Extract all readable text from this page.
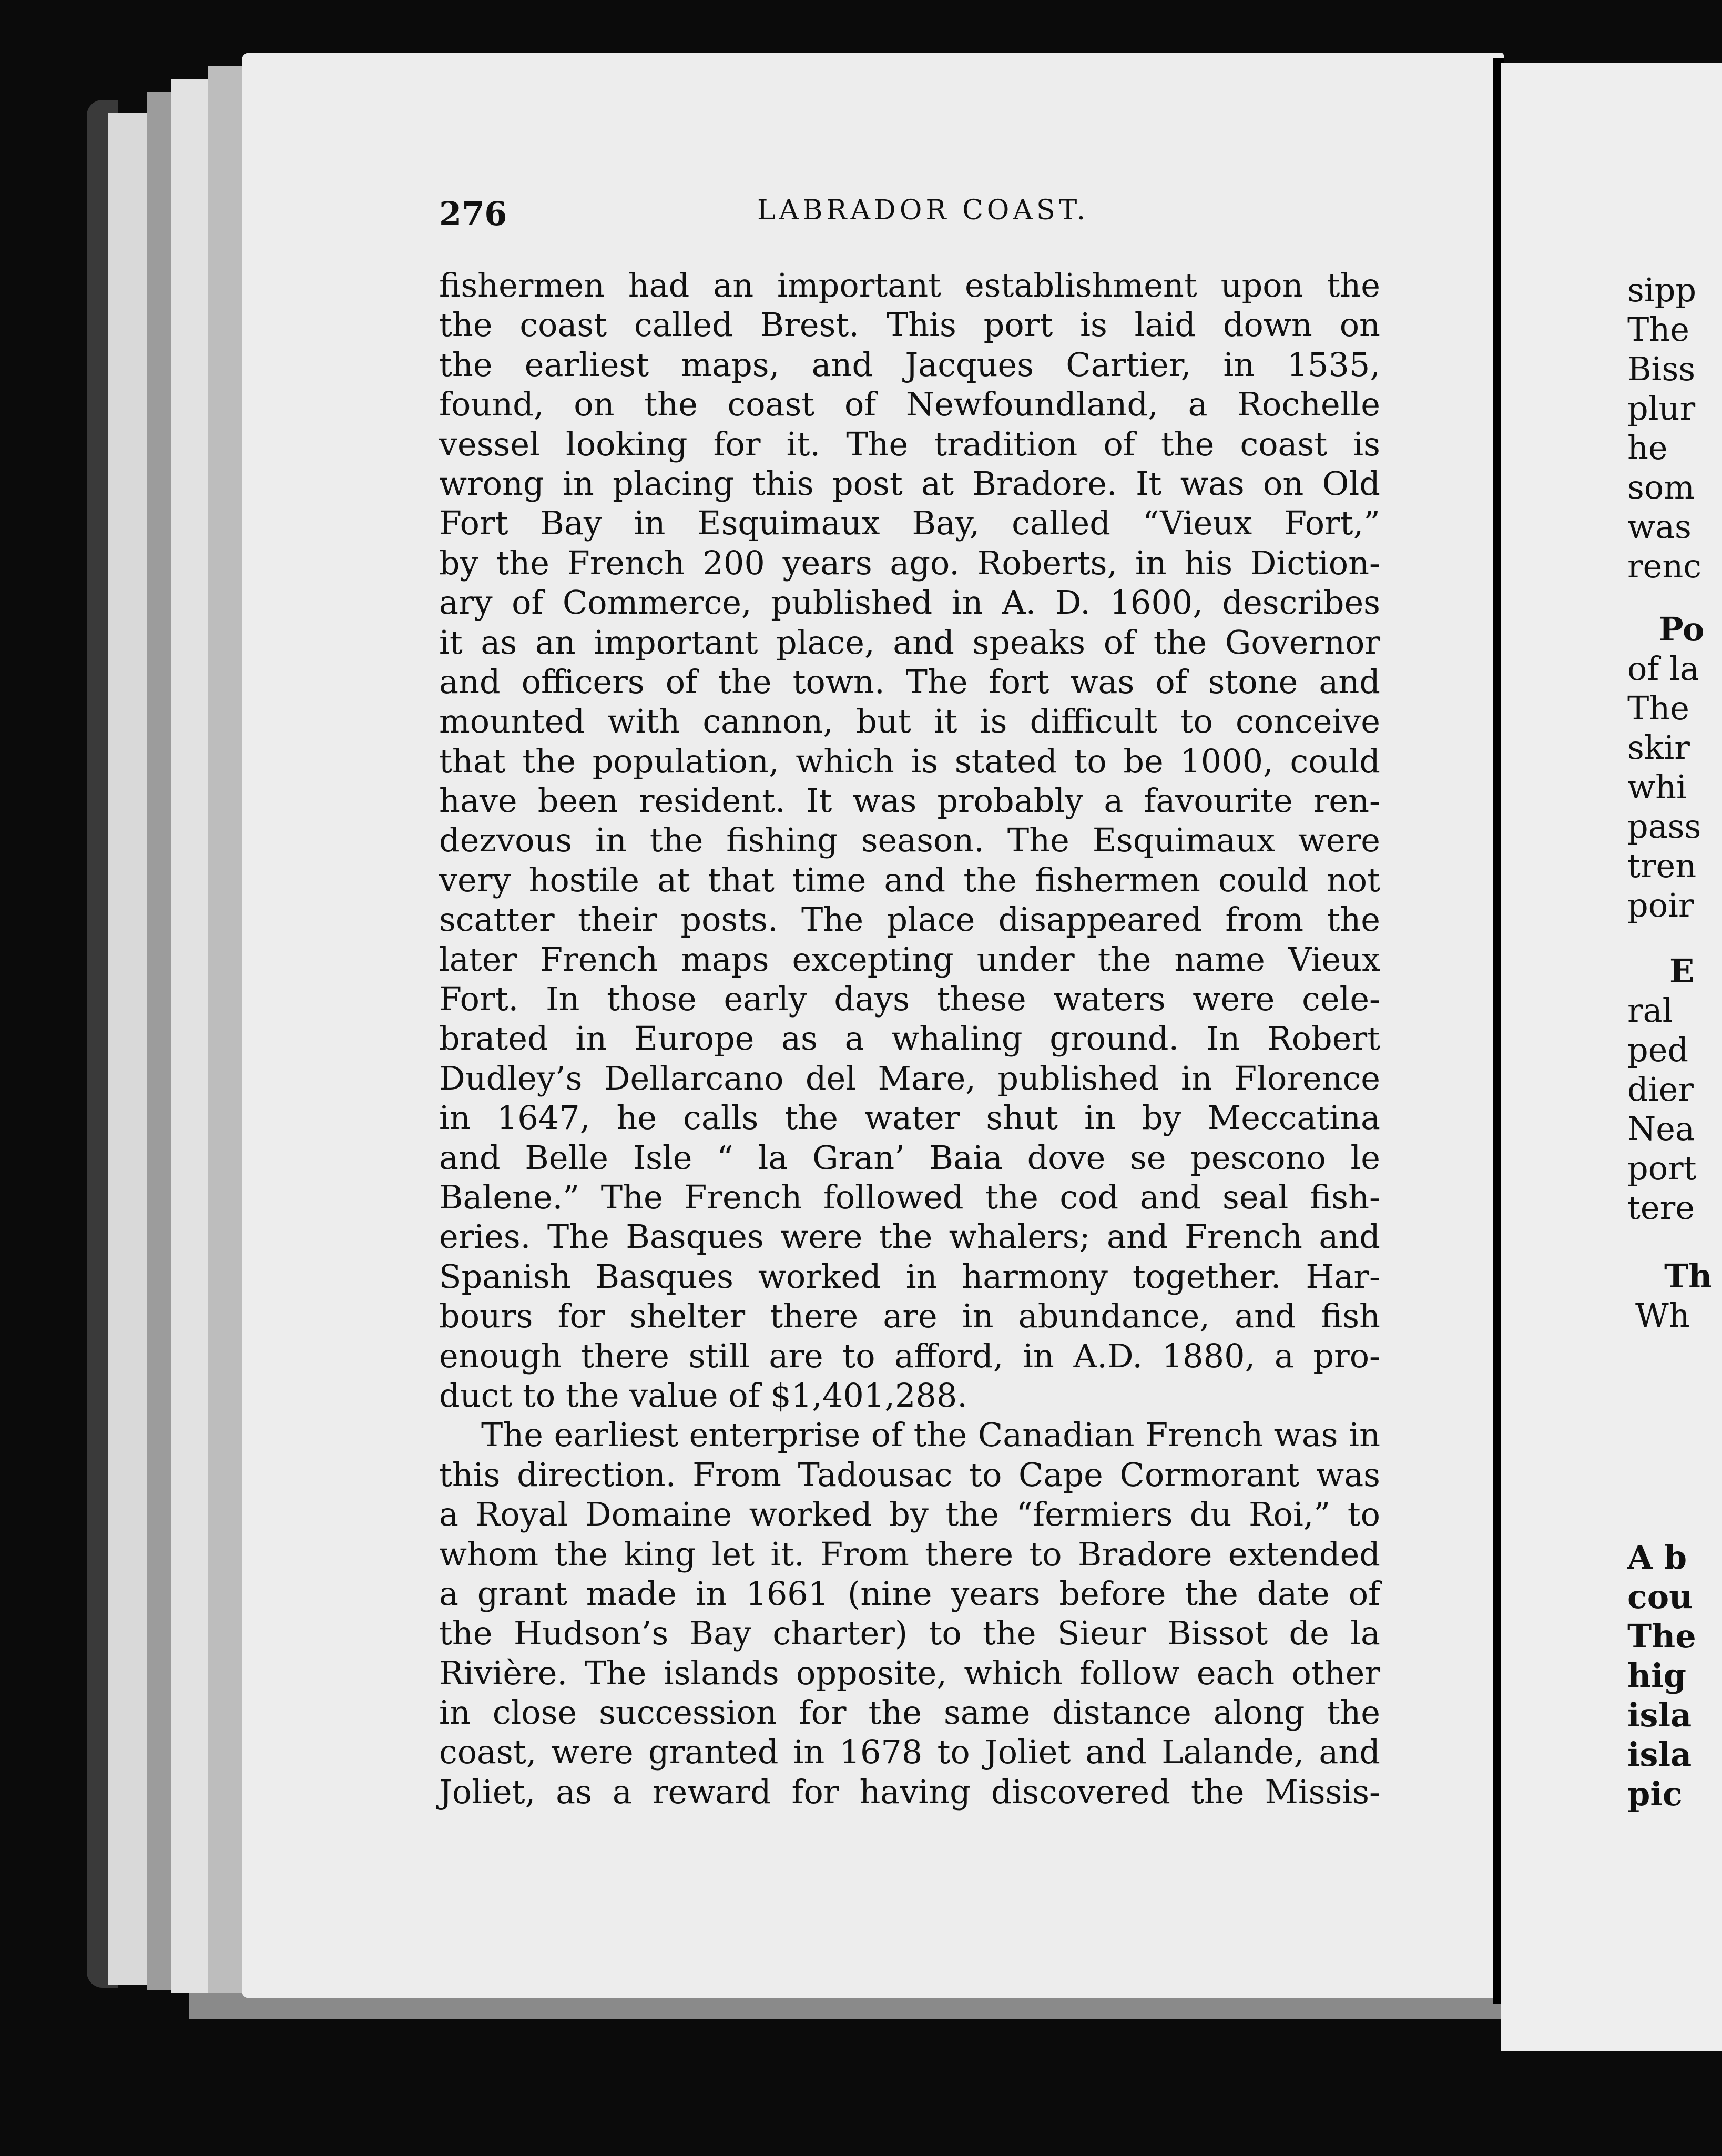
276	LABRADOR COAST.
fishermen had an important establishment upon the
the coast called Brest. This port is laid down on
the earliest maps, and Jacques Cartier, in 1535,
found, on the coast of Newfoundland, a Rochelle
vessel looking for it. The tradition of the coast is
wrong in placing this post at Bradore. It was on Old
Fort Bay in Esquimaux Bay, called “Vieux Fort,”
by the French 200 years ago. Roberts, in his Diction-
ary of Commerce, published in A. D. 1600, describes
it as an important place, and speaks of the Governor
and officers of the town. The fort was of stone and
mounted with cannon, but it is difficult to conceive
that the population, which is stated to be 1000, could
have been resident. It was probably a favourite ren-
dezvous in the fishing season. The Esquimaux were
very hostile at that time and the fishermen could not
scatter their posts. The place disappeared from the
later French maps excepting under the name Vieux
Fort. In those early days these waters were cele-
brated in Europe as a whaling ground. In Robert
Dudley’s Dellarcano del Mare, published in Florence
in 1647, he calls the water shut in by Meccatina
and Belle Isle “ la Gran’ Baia dove se pescono le
Balene.” The French followed the cod and seal fish-
eries. The Basques were the whalers; and French and
Spanish Basques worked in harmony together. Har-
bours for shelter there are in abundance, and fish
enough there still are to afford, in A.D. 1880, a pro-
duct to the value of $1,401,288.
The earliest enterprise of the Canadian French was in
this direction. From Tadousac to Cape Cormorant was
a Royal Domaine worked by the “fermiers du Roi,” to
whom the king let it. From there to Bradore extended
a grant made in 1661 (nine years before the date of
the Hudson’s Bay charter) to the Sieur Bissot de la
Rivière. The islands opposite, which follow each other
in close succession for the same distance along the
coast, were granted in 1678 to Joliet and Lalande, and
Joliet, as a reward for having discovered the Missis-
sipp
The
Biss
plur
he
som
was
renc
Po
of la
The
skir
whi
pass
tren
poir
E
ral
ped
dier
Nea
port
tere
Th
Wh
A b
cou
The
hig
isla
isla
pic
